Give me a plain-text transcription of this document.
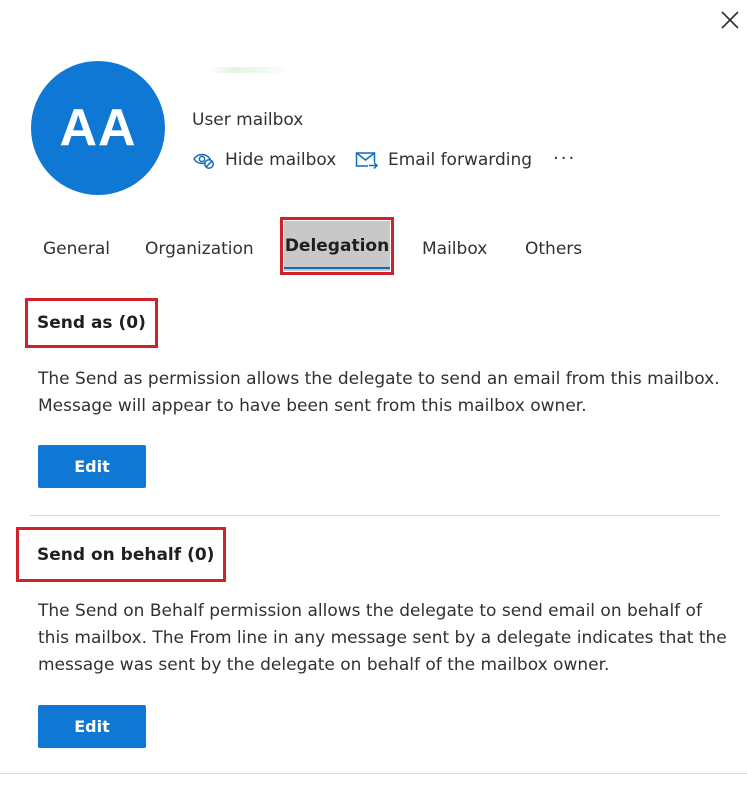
AA	User mailbox
Hide mailbox	Email forwarding ···
General Organization Delegation Mailbox Others
Send as (0)
The Send as permission allows the delegate to send an email from this mailbox. Message will appear to have been sent from this mailbox owner.
Edit
Send on behalf (0)
The Send on Behalf permission allows the delegate to send email on behalf of this mailbox. The From line in any message sent by a delegate indicates that the message was sent by the delegate on behalf of the mailbox owner.
Edit
